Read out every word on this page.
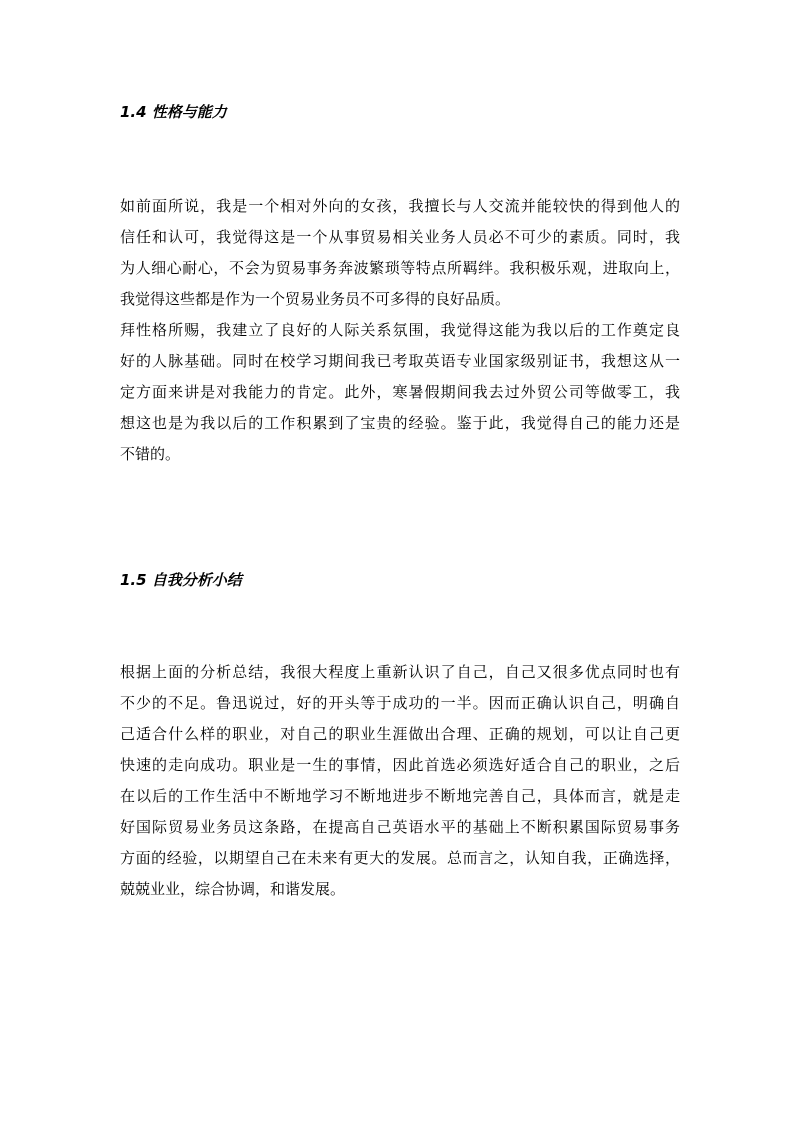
1.4 性格与能力
如前面所说，我是一个相对外向的女孩，我擅长与人交流并能较快的得到他人的
信任和认可，我觉得这是一个从事贸易相关业务人员必不可少的素质。同时，我
为人细心耐心，不会为贸易事务奔波繁琐等特点所羁绊。我积极乐观，进取向上，
我觉得这些都是作为一个贸易业务员不可多得的良好品质。
拜性格所赐，我建立了良好的人际关系氛围，我觉得这能为我以后的工作奠定良
好的人脉基础。同时在校学习期间我已考取英语专业国家级别证书，我想这从一
定方面来讲是对我能力的肯定。此外，寒暑假期间我去过外贸公司等做零工，我
想这也是为我以后的工作积累到了宝贵的经验。鉴于此，我觉得自己的能力还是
不错的。
1.5 自我分析小结
根据上面的分析总结，我很大程度上重新认识了自己，自己又很多优点同时也有
不少的不足。鲁迅说过，好的开头等于成功的一半。因而正确认识自己，明确自
己适合什么样的职业，对自己的职业生涯做出合理、正确的规划，可以让自己更
快速的走向成功。职业是一生的事情，因此首选必须选好适合自己的职业，之后
在以后的工作生活中不断地学习不断地进步不断地完善自己，具体而言，就是走
好国际贸易业务员这条路，在提高自己英语水平的基础上不断积累国际贸易事务
方面的经验，以期望自己在未来有更大的发展。总而言之，认知自我，正确选择，
兢兢业业，综合协调，和谐发展。
